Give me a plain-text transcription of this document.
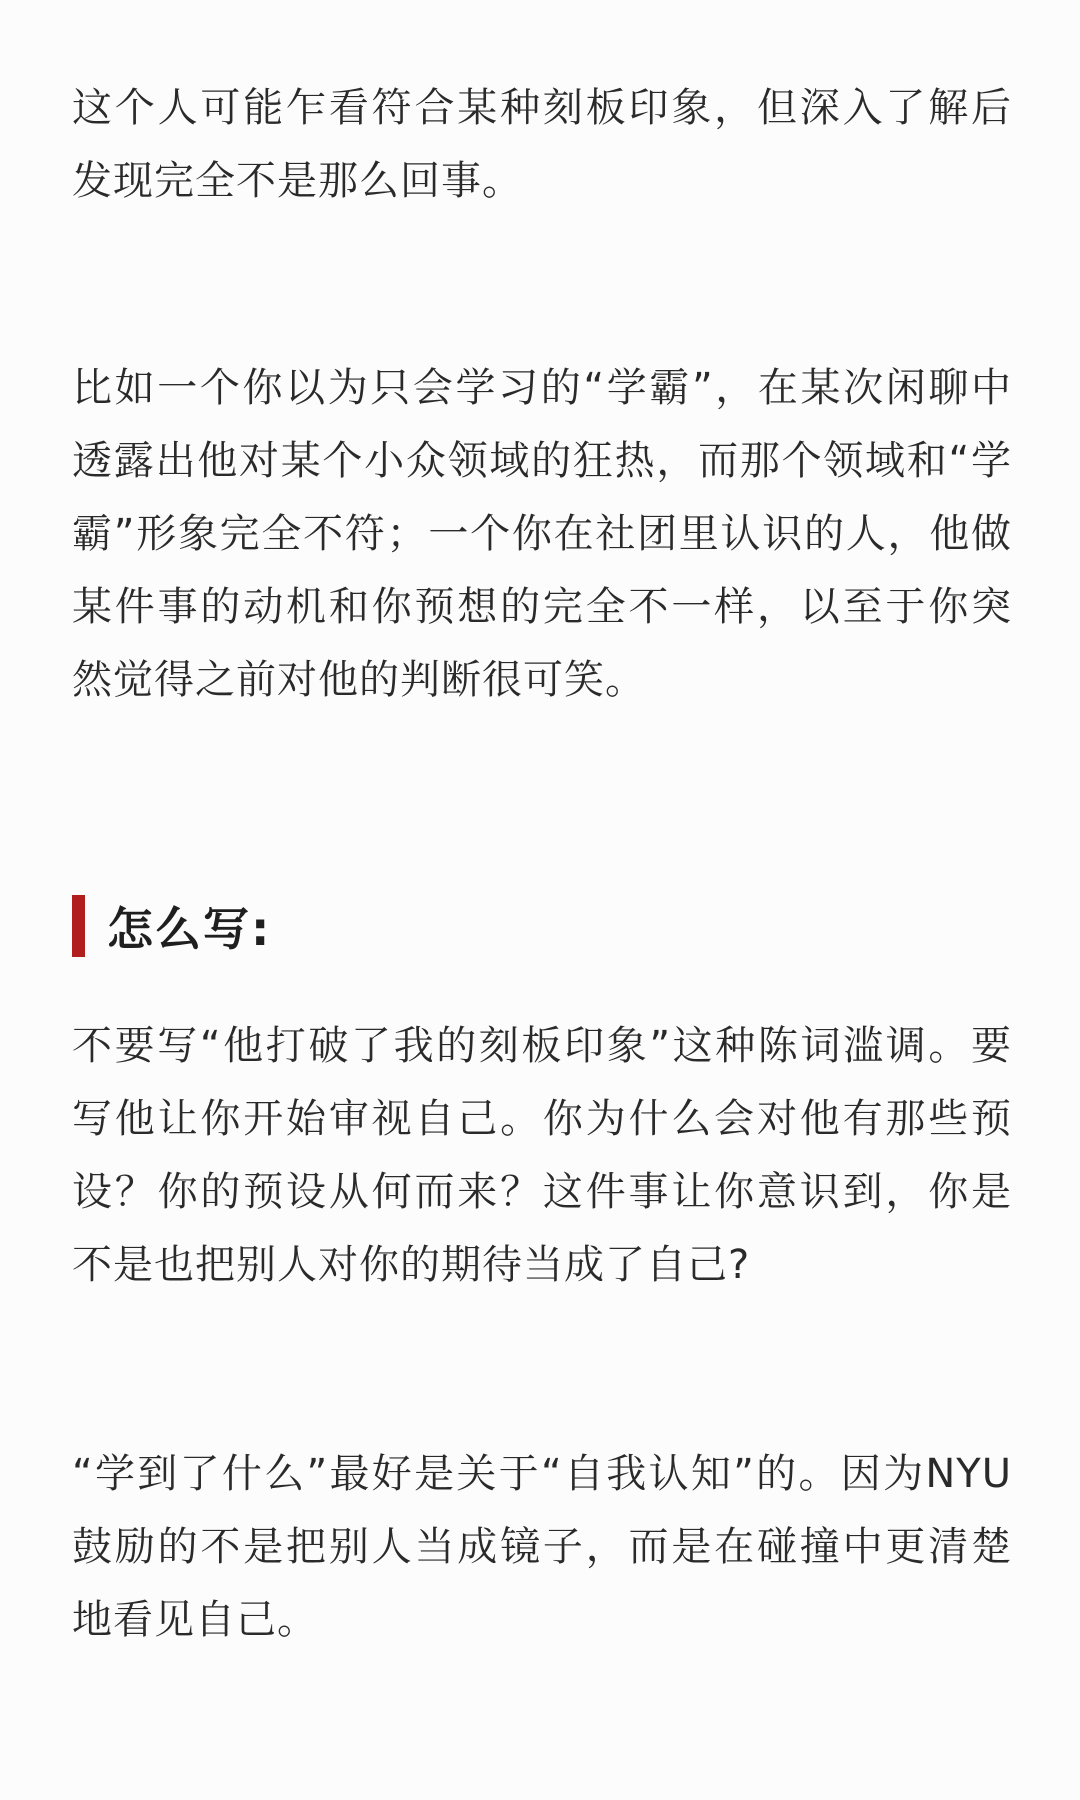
这个人可能乍看符合某种刻板印象，但深入了解后发现完全不是那么回事。

比如一个你以为只会学习的“学霸”，在某次闲聊中透露出他对某个小众领域的狂热，而那个领域和“学霸”形象完全不符；一个你在社团里认识的人，他做某件事的动机和你预想的完全不一样，以至于你突然觉得之前对他的判断很可笑。

怎么写:

不要写“他打破了我的刻板印象”这种陈词滥调。要写他让你开始审视自己。你为什么会对他有那些预设？你的预设从何而来？这件事让你意识到，你是不是也把别人对你的期待当成了自己?

“学到了什么”最好是关于“自我认知”的。因为NYU鼓励的不是把别人当成镜子，而是在碰撞中更清楚地看见自己。
